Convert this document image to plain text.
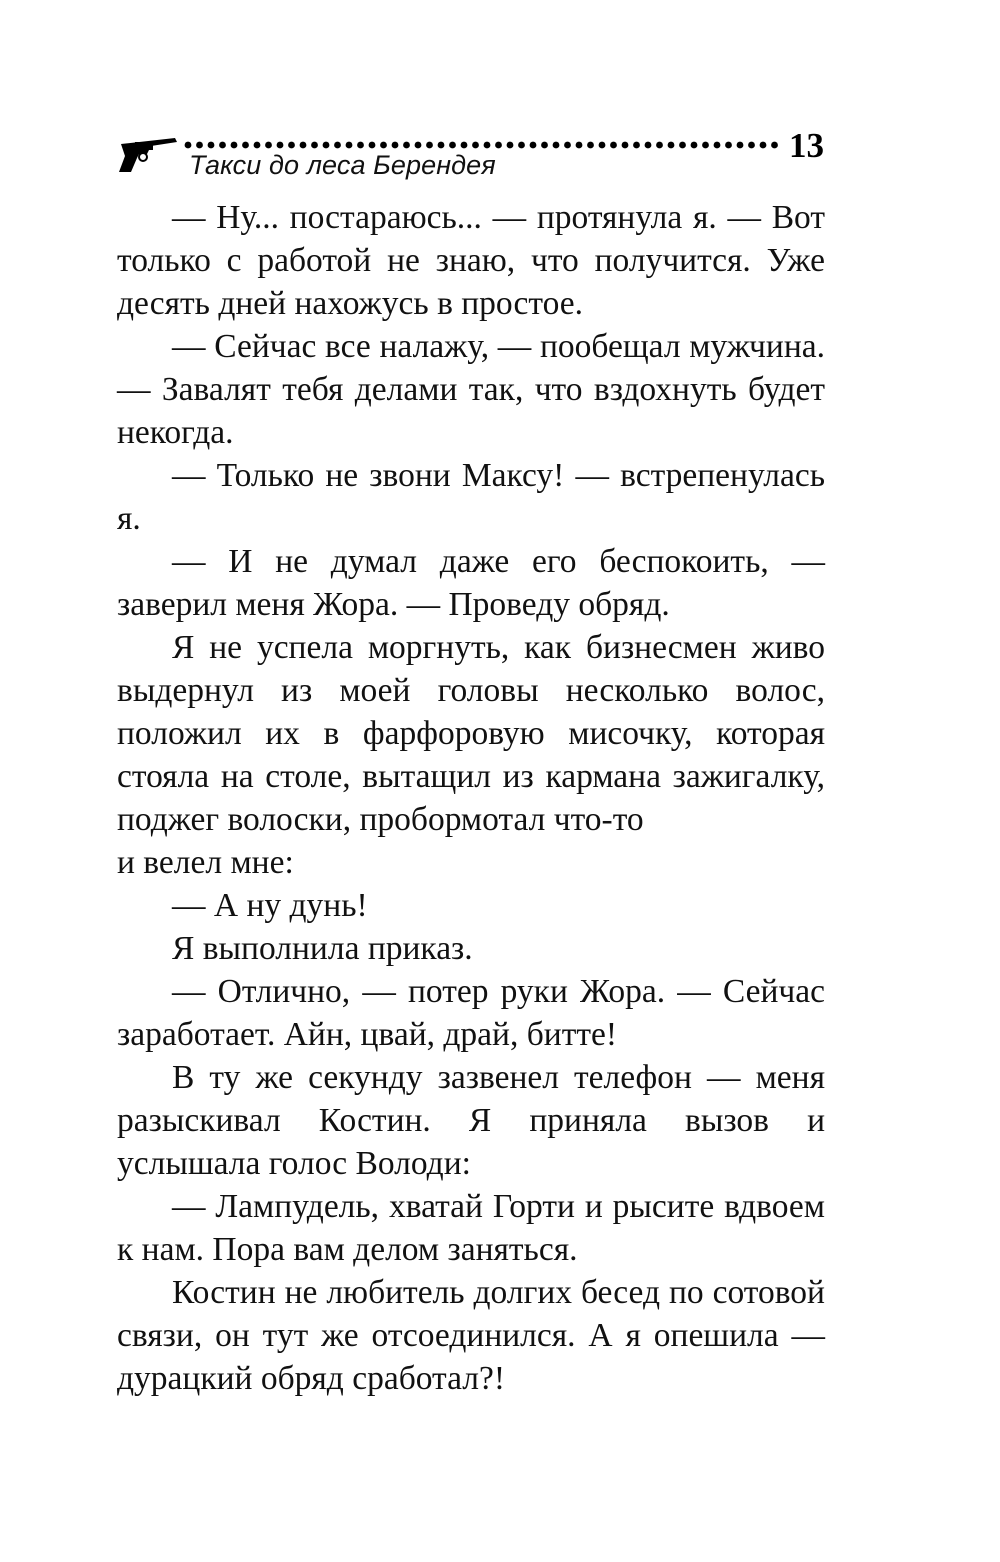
Такси до леса Берендея	13

— Ну... постараюсь... — протянула я. — Вот только с работой не знаю, что получится. Уже десять дней нахожусь в простое.

— Сейчас все налажу, — пообещал мужчина. — Завалят тебя делами так, что вздохнуть будет некогда.

— Только не звони Максу! — встрепенулась я.

— И не думал даже его беспокоить, — заверил меня Жора. — Проведу обряд.

Я не успела моргнуть, как бизнесмен живо выдернул из моей головы несколько волос, положил их в фарфоровую мисочку, которая стояла на столе, вытащил из кармана зажигалку, поджег волоски, пробормотал что-то

и велел мне:

— А ну дунь!

Я выполнила приказ.

— Отлично, — потер руки Жора. — Сейчас заработает. Айн, цвай, драй, битте!

В ту же секунду зазвенел телефон — меня разыскивал Костин. Я приняла вызов и услышала голос Володи:

— Лампудель, хватай Горти и рысите вдвоем к нам. Пора вам делом заняться.

Костин не любитель долгих бесед по сотовой связи, он тут же отсоединился. А я опешила — дурацкий обряд сработал?!
